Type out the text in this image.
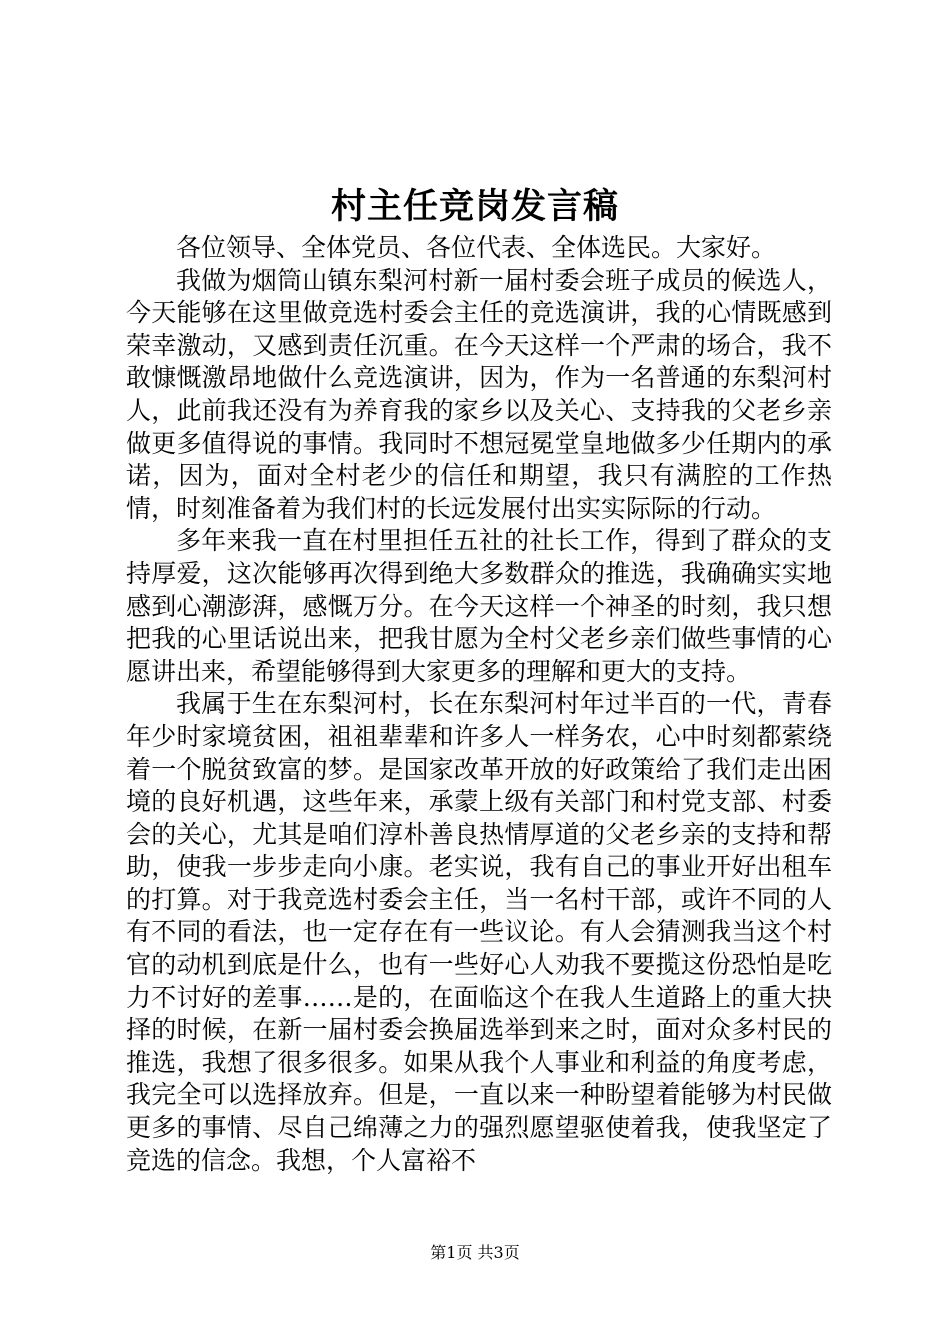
村主任竞岗发言稿

各位领导、全体党员、各位代表、全体选民。大家好。

我做为烟筒山镇东梨河村新一届村委会班子成员的候选人，今天能够在这里做竞选村委会主任的竞选演讲，我的心情既感到荣幸激动，又感到责任沉重。在今天这样一个严肃的场合，我不敢慷慨激昂地做什么竞选演讲，因为，作为一名普通的东梨河村人，此前我还没有为养育我的家乡以及关心、支持我的父老乡亲做更多值得说的事情。我同时不想冠冕堂皇地做多少任期内的承诺，因为，面对全村老少的信任和期望，我只有满腔的工作热情，时刻准备着为我们村的长远发展付出实实际际的行动。

多年来我一直在村里担任五社的社长工作，得到了群众的支持厚爱，这次能够再次得到绝大多数群众的推选，我确确实实地感到心潮澎湃，感慨万分。在今天这样一个神圣的时刻，我只想把我的心里话说出来，把我甘愿为全村父老乡亲们做些事情的心愿讲出来，希望能够得到大家更多的理解和更大的支持。

我属于生在东梨河村，长在东梨河村年过半百的一代，青春年少时家境贫困，祖祖辈辈和许多人一样务农，心中时刻都萦绕着一个脱贫致富的梦。是国家改革开放的好政策给了我们走出困境的良好机遇，这些年来，承蒙上级有关部门和村党支部、村委会的关心，尤其是咱们淳朴善良热情厚道的父老乡亲的支持和帮助，使我一步步走向小康。老实说，我有自己的事业开好出租车的打算。对于我竞选村委会主任，当一名村干部，或许不同的人有不同的看法，也一定存在有一些议论。有人会猜测我当这个村官的动机到底是什么，也有一些好心人劝我不要揽这份恐怕是吃力不讨好的差事……是的，在面临这个在我人生道路上的重大抉择的时候，在新一届村委会换届选举到来之时，面对众多村民的推选，我想了很多很多。如果从我个人事业和利益的角度考虑，我完全可以选择放弃。但是，一直以来一种盼望着能够为村民做更多的事情、尽自己绵薄之力的强烈愿望驱使着我，使我坚定了竞选的信念。我想，个人富裕不

第1页 共3页
